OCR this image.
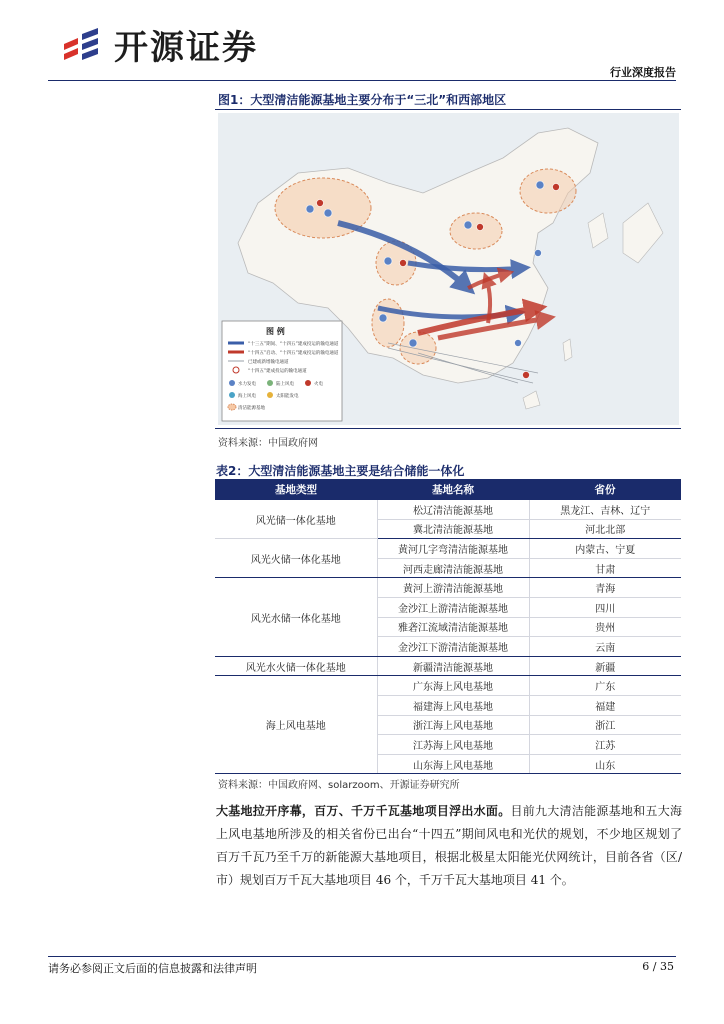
开源证券
行业深度报告
图1：大型清洁能源基地主要分布于“三北”和西部地区
图 例
“十三五”期间、“十四五”建成投运的输电通道
“十四五”启动、“十四五”建成投运的输电通道
已建或新增输电通道
“十四五”建成投运的输电通道
水力发电	陆上风电	火电
海上风电	太阳能发电
清洁能源基地
资料来源：中国政府网
表2：大型清洁能源基地主要是结合储能一体化
基地类型	基地名称	省份
风光储一体化基地	松辽清洁能源基地	黑龙江、吉林、辽宁
	冀北清洁能源基地	河北北部
风光火储一体化基地	黄河几字弯清洁能源基地	内蒙古、宁夏
	河西走廊清洁能源基地	甘肃
风光水储一体化基地	黄河上游清洁能源基地	青海
	金沙江上游清洁能源基地	四川
	雅砻江流域清洁能源基地	贵州
	金沙江下游清洁能源基地	云南
风光水火储一体化基地	新疆清洁能源基地	新疆
海上风电基地	广东海上风电基地	广东
	福建海上风电基地	福建
	浙江海上风电基地	浙江
	江苏海上风电基地	江苏
	山东海上风电基地	山东
资料来源：中国政府网、solarzoom、开源证券研究所
大基地拉开序幕，百万、千万千瓦基地项目浮出水面。目前九大清洁能源基地和五大海上风电基地所涉及的相关省份已出台“十四五”期间风电和光伏的规划，不少地区规划了百万千瓦乃至千万的新能源大基地项目，根据北极星太阳能光伏网统计，目前各省（区/市）规划百万千瓦大基地项目 46 个，千万千瓦大基地项目 41 个。
请务必参阅正文后面的信息披露和法律声明	6 / 35
